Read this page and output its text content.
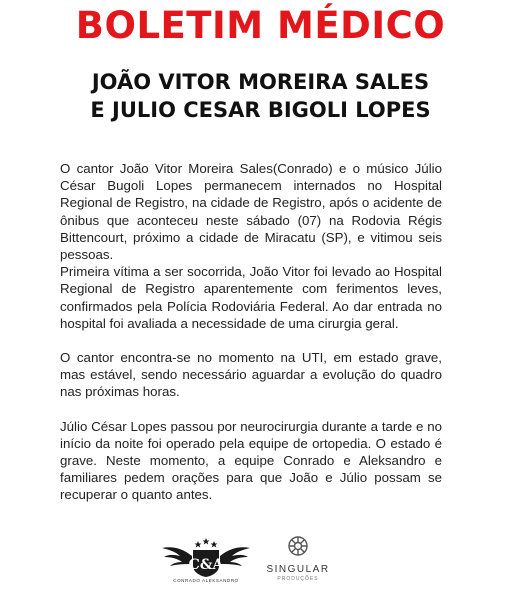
BOLETIM MÉDICO
JOÃO VITOR MOREIRA SALES
E JULIO CESAR BIGOLI LOPES

O cantor João Vitor Moreira Sales(Conrado) e o músico Júlio César Bugoli Lopes permanecem internados no Hospital Regional de Registro, na cidade de Registro, após o acidente de ônibus que aconteceu neste sábado (07) na Rodovia Régis Bittencourt, próximo a cidade de Miracatu (SP), e vitimou seis pessoas.

Primeira vítima a ser socorrida, João Vitor foi levado ao Hospital Regional de Registro aparentemente com ferimentos leves, confirmados pela Polícia Rodoviária Federal. Ao dar entrada no hospital foi avaliada a necessidade de uma cirurgia geral.

O cantor encontra-se no momento na UTI, em estado grave, mas estável, sendo necessário aguardar a evolução do quadro nas próximas horas.

Júlio César Lopes passou por neurocirurgia durante a tarde e no início da noite foi operado pela equipe de ortopedia. O estado é grave. Neste momento, a equipe Conrado e Aleksandro e familiares pedem orações para que João e Júlio possam se recuperar o quanto antes.

C&A
CONRADO ALEKSANDRO
SINGULAR
PRODUÇÕES
